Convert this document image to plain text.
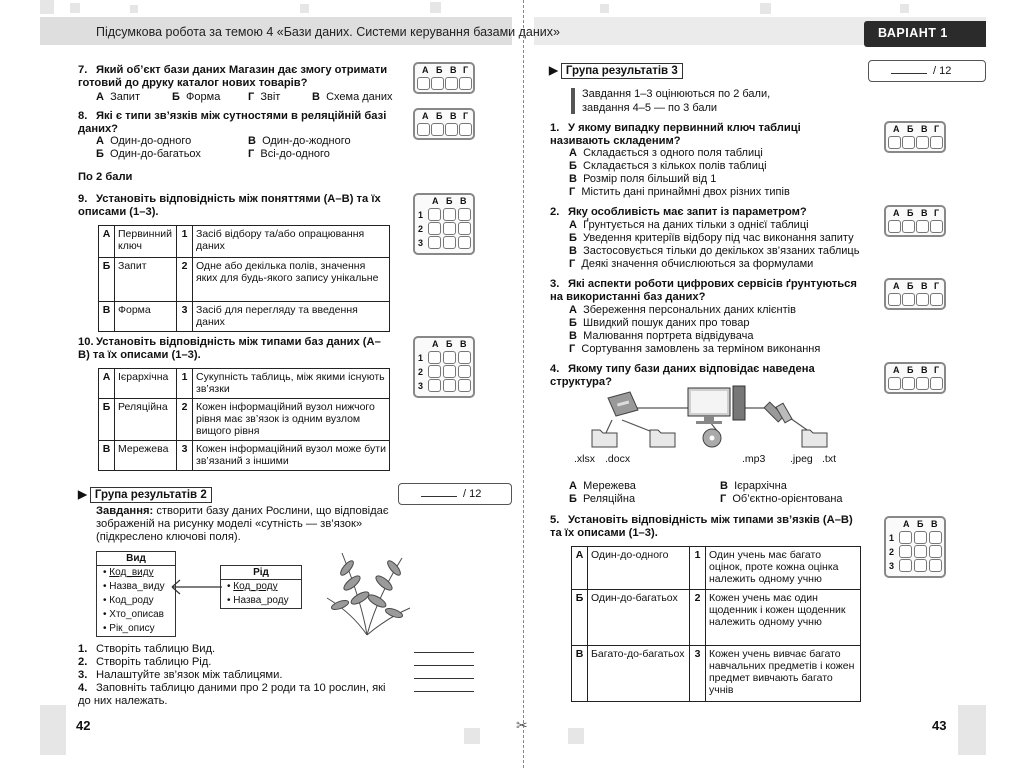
Підсумкова робота за темою 4 «Бази даних. Системи керування базами даних»	ВАРІАНТ 1
✂
7. Який об’єкт бази даних Магазин дає змогу отримати готовий до друку каталог нових товарів?
А Запит	Б Форма	Г Звіт	В Схема даних
А Б В Г
8. Які є типи зв’язків між сутностями в реляційній базі даних?
А Один-до-одного	В Один-до-жодного
Б Один-до-багатьох	Г Всі-до-одного
А Б В Г
По 2 бали
9. Установіть відповідність між поняттями (А–В) та їх описами (1–3).
А	Первинний ключ	1	Засіб відбору та/або опрацювання даних
Б	Запит	2	Одне або декілька полів, значення яких для будь-якого запису унікальне
В	Форма	3	Засіб для перегляду та введення даних
А Б В
1
2
3
10. Установіть відповідність між типами баз даних (А–В) та їх описами (1–3).
А	Ієрархічна	1	Сукупність таблиць, між якими існують зв’язки
Б	Реляційна	2	Кожен інформаційний вузол нижчого рівня має зв’язок із одним вузлом вищого рівня
В	Мережева	3	Кожен інформаційний вузол може бути зв’язаний з іншими
А Б В
1
2
3
▶ Група результатів 2	/ 12
Завдання: створити базу даних Рослини, що відповідає зображеній на рисунку моделі «сутність — зв’язок» (підкреслено ключові поля).
Вид
• Код_виду
• Назва_виду
• Код_роду
• Хто_описав
• Рік_опису
Рід
• Код_роду
• Назва_роду
1. Створіть таблицю Вид.
2. Створіть таблицю Рід.
3. Налаштуйте зв’язок між таблицями.
4. Заповніть таблицю даними про 2 роди та 10 рослин, які до них належать.
42
▶ Група результатів 3	/ 12
Завдання 1–3 оцінюються по 2 бали,
завдання 4–5 — по 3 бали
1. У якому випадку первинний ключ таблиці називають складеним?
А Складається з одного поля таблиці
Б Складається з кількох полів таблиці
В Розмір поля більший від 1
Г Містить дані принаймні двох різних типів
А Б В Г
2. Яку особливість має запит із параметром?
А Ґрунтується на даних тільки з однієї таблиці
Б Уведення критеріїв відбору під час виконання запиту
В Застосовується тільки до декількох зв’язаних таблиць
Г Деякі значення обчислюються за формулами
А Б В Г
3. Які аспекти роботи цифрових сервісів ґрунтуються на використанні баз даних?
А Збереження персональних даних клієнтів
Б Швидкий пошук даних про товар
В Малювання портрета відвідувача
Г Сортування замовлень за терміном виконання
А Б В Г
4. Якому типу бази даних відповідає наведена структура?
А Б В Г
.xlsx .docx	.mp3 .jpeg .txt
А Мережева	В Ієрархічна
Б Реляційна	Г Об’єктно-орієнтована
5. Установіть відповідність між типами зв’язків (А–В) та їх описами (1–3).
А	Один-до-одного	1	Один учень має багато оцінок, проте кожна оцінка належить одному учню
Б	Один-до-багатьох	2	Кожен учень має один щоденник і кожен щоденник належить одному учню
В	Багато-до-багатьох	3	Кожен учень вивчає багато навчальних предметів і кожен предмет вивчають багато учнів
А Б В
1
2
3
43
